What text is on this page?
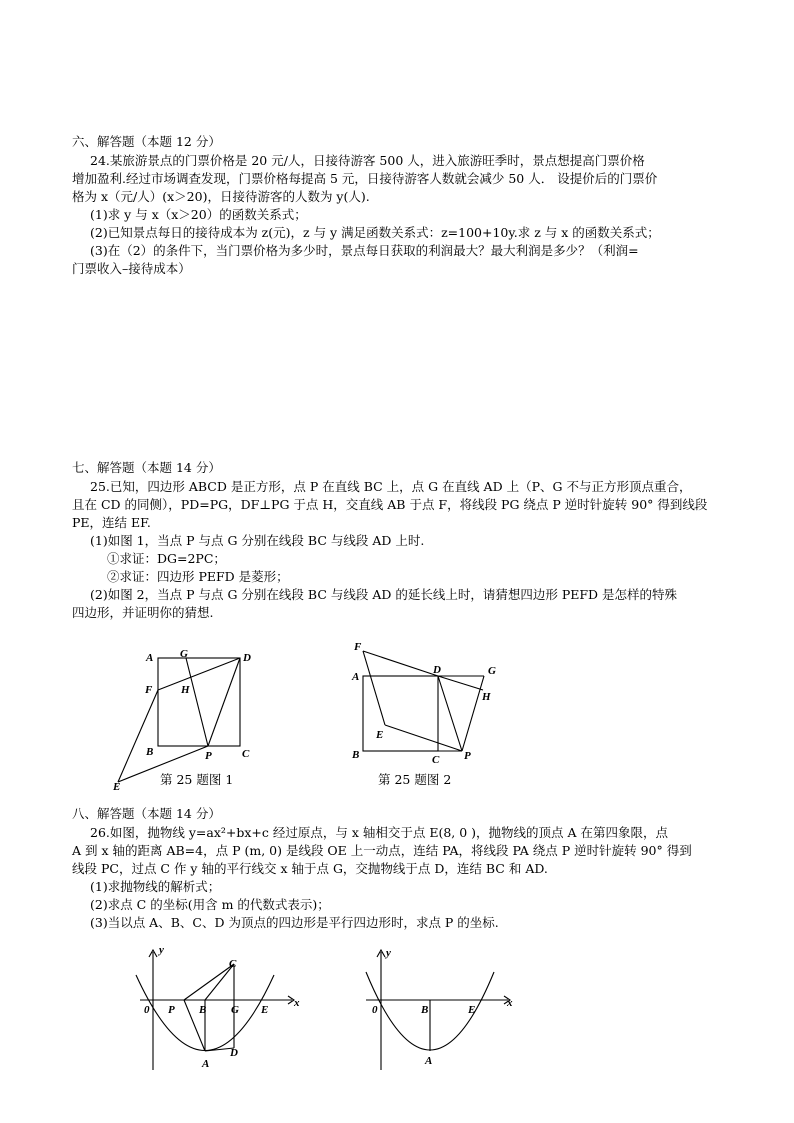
六、解答题（本题 12 分）
24.某旅游景点的门票价格是 20 元/人，日接待游客 500 人，进入旅游旺季时，景点想提高门票价格
增加盈利.经过市场调查发现，门票价格每提高 5 元，日接待游客人数就会减少 50 人． 设提价后的门票价
格为 x（元/人）(x＞20)，日接待游客的人数为 y(人).
(1)求 y 与 x（x＞20）的函数关系式；
(2)已知景点每日的接待成本为 z(元)，z 与 y 满足函数关系式：z=100+10y.求 z 与 x 的函数关系式；
(3)在（2）的条件下，当门票价格为多少时，景点每日获取的利润最大？最大利润是多少？（利润=
门票收入–接待成本）
七、解答题（本题 14 分）
25.已知，四边形 ABCD 是正方形，点 P 在直线 BC 上，点 G 在直线 AD 上（P、G 不与正方形顶点重合，
且在 CD 的同侧），PD=PG，DF⊥PG 于点 H，交直线 AB 于点 F，将线段 PG 绕点 P 逆时针旋转 90° 得到线段
PE，连结 EF.
(1)如图 1，当点 P 与点 G 分别在线段 BC 与线段 AD 上时.
①求证：DG=2PC；
②求证：四边形 PEFD 是菱形；
(2)如图 2，当点 P 与点 G 分别在线段 BC 与线段 AD 的延长线上时，请猜想四边形 PEFD 是怎样的特殊
四边形，并证明你的猜想.
A G	D
F	H
B	P	C
E	第 25 题图 1
F
A
D	G
H
E
B	C P
第 25 题图 2
八、解答题（本题 14 分）
26.如图，抛物线 y=ax²+bx+c 经过原点，与 x 轴相交于点 E(8, 0 )，抛物线的顶点 A 在第四象限，点
A 到 x 轴的距离 AB=4，点 P (m, 0) 是线段 OE 上一动点，连结 PA，将线段 PA 绕点 P 逆时针旋转 90° 得到
线段 PC，过点 C 作 y 轴的平行线交 x 轴于点 G，交抛物线于点 D，连结 BC 和 AD.
(1)求抛物线的解析式；
(2)求点 C 的坐标(用含 m 的代数式表示)；
(3)当以点 A、B、C、D 为顶点的四边形是平行四边形时，求点 P 的坐标.
y
x
0 P B G E
C
A
D
y
x
0	B	E
A
